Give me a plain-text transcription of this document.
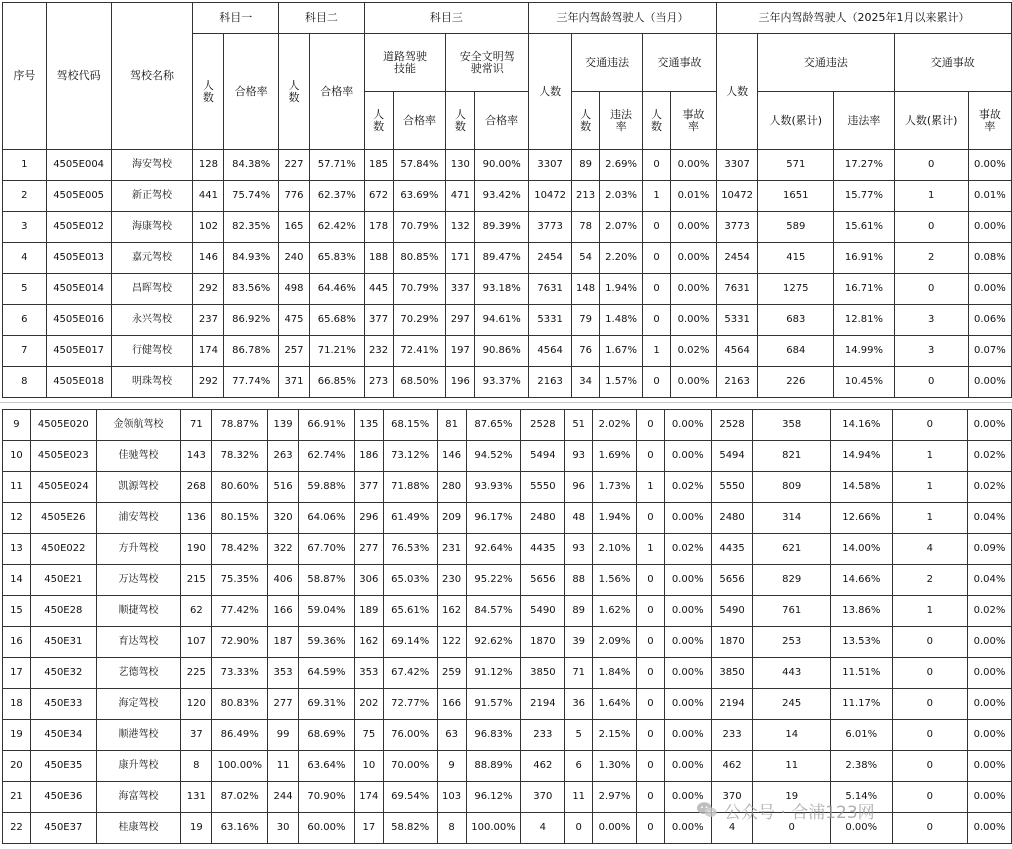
序号	驾校代码	驾校名称	科目一		科目二		科目三				三年内驾龄驾驶人（当月）					三年内驾龄驾驶人（2025年1月以来累计）				
			人数	合格率	人数	合格率	道路驾驶技能		安全文明驾驶常识		人数	交通违法		交通事故		人数	交通违法		交通事故	
							人数	合格率	人数	合格率		人数	违法率	人数	事故率		人数(累计)	违法率	人数(累计)	事故率

1	4505E004	海安驾校	128	84.38%	227	57.71%	185	57.84%	130	90.00%	3307	89	2.69%	0	0.00%	3307	571	17.27%	0	0.00%
2	4505E005	新正驾校	441	75.74%	776	62.37%	672	63.69%	471	93.42%	10472	213	2.03%	1	0.01%	10472	1651	15.77%	1	0.01%
3	4505E012	海康驾校	102	82.35%	165	62.42%	178	70.79%	132	89.39%	3773	78	2.07%	0	0.00%	3773	589	15.61%	0	0.00%
4	4505E013	嘉元驾校	146	84.93%	240	65.83%	188	80.85%	171	89.47%	2454	54	2.20%	0	0.00%	2454	415	16.91%	2	0.08%
5	4505E014	昌晖驾校	292	83.56%	498	64.46%	445	70.79%	337	93.18%	7631	148	1.94%	0	0.00%	7631	1275	16.71%	0	0.00%
6	4505E016	永兴驾校	237	86.92%	475	65.68%	377	70.29%	297	94.61%	5331	79	1.48%	0	0.00%	5331	683	12.81%	3	0.06%
7	4505E017	行健驾校	174	86.78%	257	71.21%	232	72.41%	197	90.86%	4564	76	1.67%	1	0.02%	4564	684	14.99%	3	0.07%
8	4505E018	明珠驾校	292	77.74%	371	66.85%	273	68.50%	196	93.37%	2163	34	1.57%	0	0.00%	2163	226	10.45%	0	0.00%
9	4505E020	金领航驾校	71	78.87%	139	66.91%	135	68.15%	81	87.65%	2528	51	2.02%	0	0.00%	2528	358	14.16%	0	0.00%
10	4505E023	佳驰驾校	143	78.32%	263	62.74%	186	73.12%	146	94.52%	5494	93	1.69%	0	0.00%	5494	821	14.94%	1	0.02%
11	4505E024	凯源驾校	268	80.60%	516	59.88%	377	71.88%	280	93.93%	5550	96	1.73%	1	0.02%	5550	809	14.58%	1	0.02%
12	4505E26	浦安驾校	136	80.15%	320	64.06%	296	61.49%	209	96.17%	2480	48	1.94%	0	0.00%	2480	314	12.66%	1	0.04%
13	450E022	方升驾校	190	78.42%	322	67.70%	277	76.53%	231	92.64%	4435	93	2.10%	1	0.02%	4435	621	14.00%	4	0.09%
14	450E21	万达驾校	215	75.35%	406	58.87%	306	65.03%	230	95.22%	5656	88	1.56%	0	0.00%	5656	829	14.66%	2	0.04%
15	450E28	顺捷驾校	62	77.42%	166	59.04%	189	65.61%	162	84.57%	5490	89	1.62%	0	0.00%	5490	761	13.86%	1	0.02%
16	450E31	育达驾校	107	72.90%	187	59.36%	162	69.14%	122	92.62%	1870	39	2.09%	0	0.00%	1870	253	13.53%	0	0.00%
17	450E32	艺德驾校	225	73.33%	353	64.59%	353	67.42%	259	91.12%	3850	71	1.84%	0	0.00%	3850	443	11.51%	0	0.00%
18	450E33	海定驾校	120	80.83%	277	69.31%	202	72.77%	166	91.57%	2194	36	1.64%	0	0.00%	2194	245	11.17%	0	0.00%
19	450E34	顺港驾校	37	86.49%	99	68.69%	75	76.00%	63	96.83%	233	5	2.15%	0	0.00%	233	14	6.01%	0	0.00%
20	450E35	康升驾校	8	100.00%	11	63.64%	10	70.00%	9	88.89%	462	6	1.30%	0	0.00%	462	11	2.38%	0	0.00%
21	450E36	海富驾校	131	87.02%	244	70.90%	174	69.54%	103	96.12%	370	11	2.97%	0	0.00%	370	19	5.14%	0	0.00%
22	450E37	桂康驾校	19	63.16%	30	60.00%	17	58.82%	8	100.00%	4	0	0.00%	0	0.00%	4	0	0.00%	0	0.00%
公众号 · 合浦123网
